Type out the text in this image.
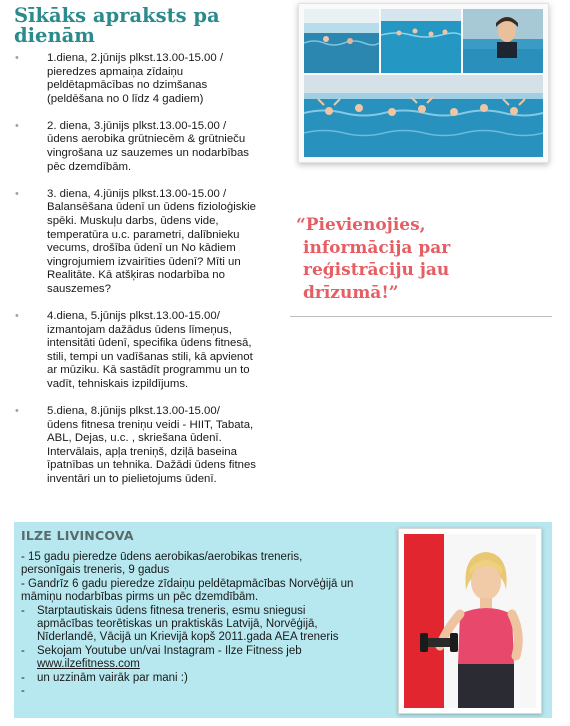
Sīkāks apraksts pa dienām
• 1.diena, 2.jūnijs plkst.13.00-15.00 /
pieredzes apmaiņa zīdaiņu
peldētapmācības no dzimšanas
(peldēšana no 0 līdz 4 gadiem)
• 2. diena, 3.jūnijs plkst.13.00-15.00 /
ūdens aerobika grūtniecēm & grūtnieču
vingrošana uz sauzemes un nodarbības
pēc dzemdībām.
• 3. diena, 4.jūnijs plkst.13.00-15.00 /
Balansēšana ūdenī un ūdens fizioloģiskie
spēki. Muskuļu darbs, ūdens vide,
temperatūra u.c. parametri, dalībnieku
vecums, drošība ūdenī un No kādiem
vingrojumiem izvairīties ūdenī? Mīti un
Realitāte. Kā atšķiras nodarbība no
sauszemes?
• 4.diena, 5.jūnijs plkst.13.00-15.00/
izmantojam dažādus ūdens līmeņus,
intensitāti ūdenī, specifika ūdens fitnesā,
stili, tempi un vadīšanas stili, kā apvienot
ar mūziku. Kā sastādīt programmu un to
vadīt, tehniskais izpildījums.
• 5.diena, 8.jūnijs plkst.13.00-15.00/
ūdens fitnesa treniņu veidi - HIIT, Tabata,
ABL, Dejas, u.c. , skriešana ūdenī.
Intervālais, apļa treniņš, dziļā baseina
īpatnības un tehnika. Dažādi ūdens fitnes
inventāri un to pielietojums ūdenī.
“Pievienojies,
informācija par
reģistrāciju jau
drīzumā!”
ILZE LIVINCOVA
- 15 gadu pieredze ūdens aerobikas/aerobikas treneris,
personīgais treneris, 9 gadus
- Gandrīz 6 gadu pieredze zīdaiņu peldētapmācības Norvēģijā un
māmiņu nodarbības pirms un pēc dzemdībām.
- Starptautiskais ūdens fitnesa treneris, esmu sniegusi
apmācības teorētiskas un praktiskās Latvijā, Norvēģijā,
Nīderlandē, Vācijā un Krievijā kopš 2011.gada AEA treneris
- Sekojam Youtube un/vai Instagram - Ilze Fitness jeb
www.ilzefitness.com
- un uzzinām vairāk par mani :)
-
